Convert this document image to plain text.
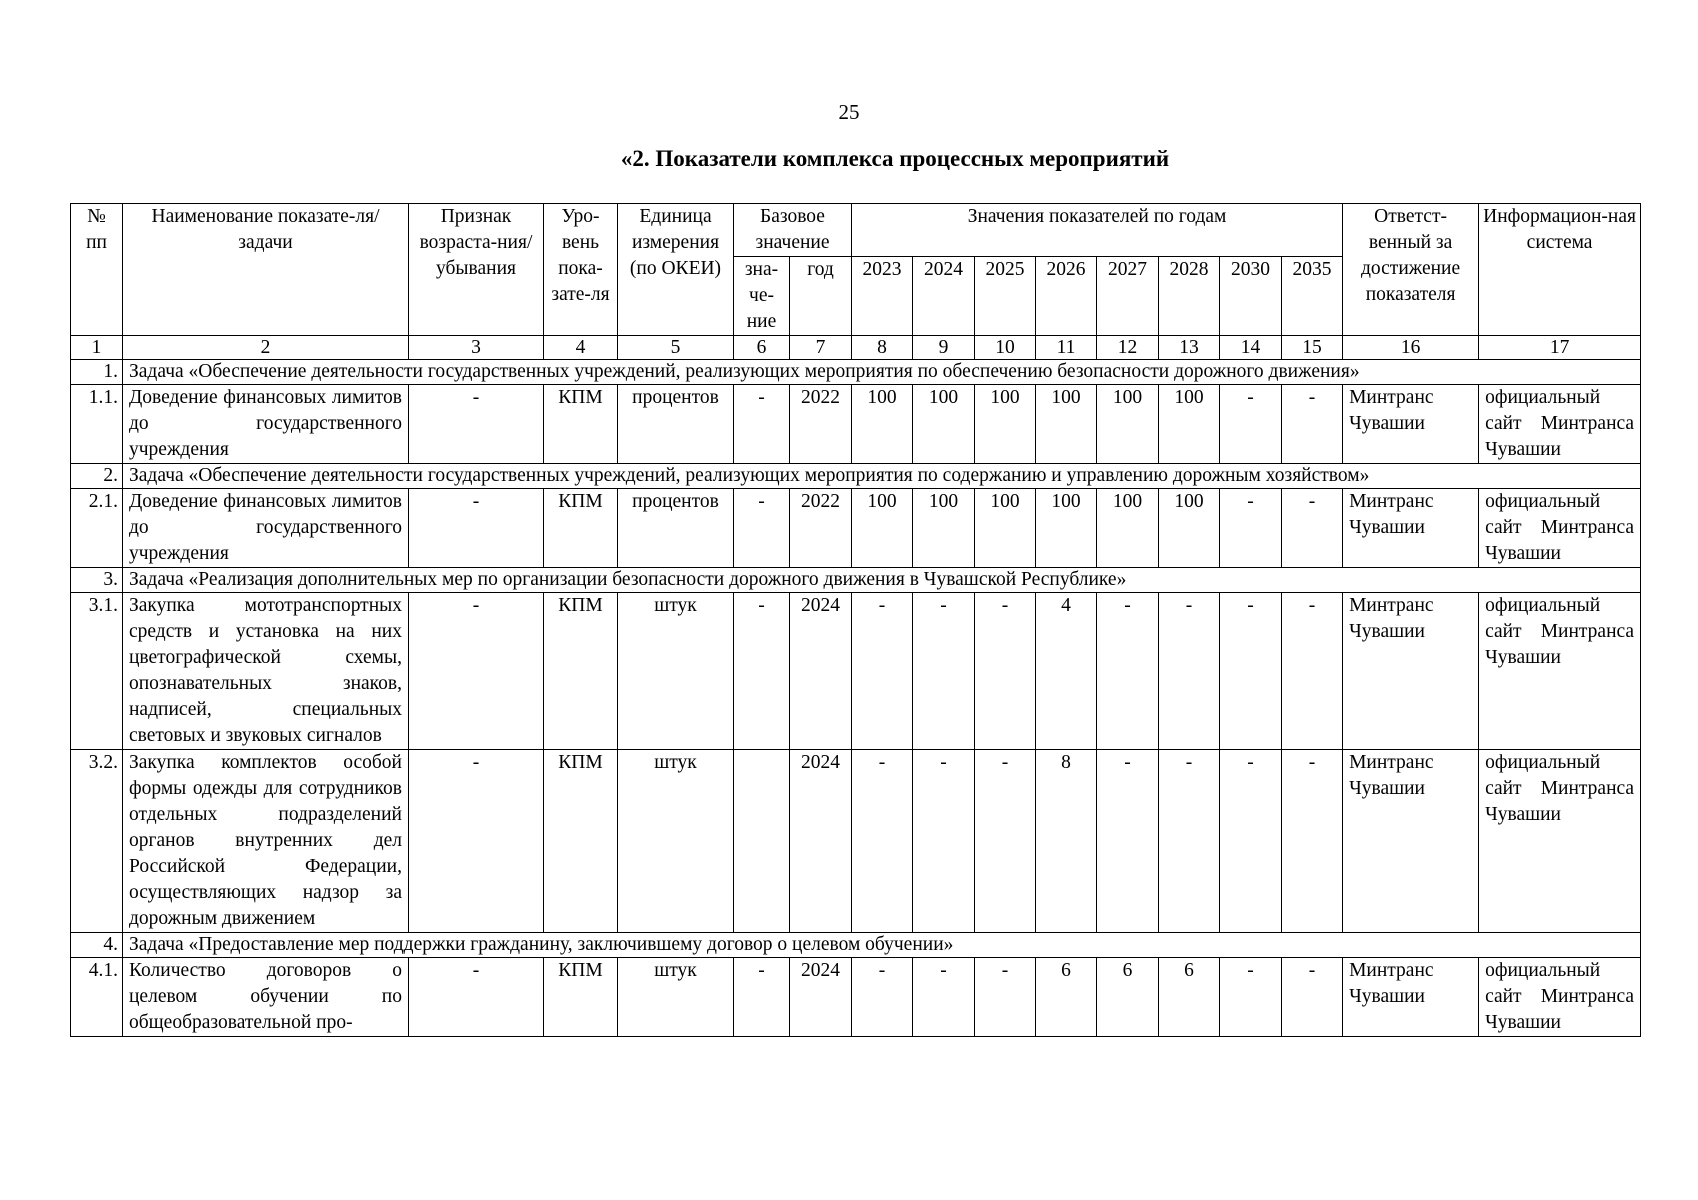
25
«2. Показатели комплекса процессных мероприятий
№ пп	Наименование показате-ля/задачи	Признак возраста-ния/ убывания	Уро-вень пока-зате-ля	Единица измерения (по ОКЕИ)	Базовое значение		Значения показателей по годам								Ответст-венный за достижение показателя	Информацион-ная система
					зна-че-ние	год	2023	2024	2025	2026	2027	2028	2030	2035		
1	2	3	4	5	6	7	8	9	10	11	12	13	14	15	16	17
1.	Задача «Обеспечение деятельности государственных учреждений, реализующих мероприятия по обеспечению безопасности дорожного движения»															
1.1.	Доведение финансовых лимитов до государственного учреждения	-	КПМ	процентов	-	2022	100	100	100	100	100	100	-	-	Минтранс Чувашии	официальный сайт Минтранса Чувашии
2.	Задача «Обеспечение деятельности государственных учреждений, реализующих мероприятия по содержанию и управлению дорожным хозяйством»															
2.1.	Доведение финансовых лимитов до государственного учреждения	-	КПМ	процентов	-	2022	100	100	100	100	100	100	-	-	Минтранс Чувашии	официальный сайт Минтранса Чувашии
3.	Задача «Реализация дополнительных мер по организации безопасности дорожного движения в Чувашской Республике»															
3.1.	Закупка мототранспортных средств и установка на них цветографической схемы, опознавательных знаков, надписей, специальных световых и звуковых сигналов	-	КПМ	штук	-	2024	-	-	-	4	-	-	-	-	Минтранс Чувашии	официальный сайт Минтранса Чувашии
3.2.	Закупка комплектов особой формы одежды для сотрудников отдельных подразделений органов внутренних дел Российской Федерации, осуществляющих надзор за дорожным движением	-	КПМ	штук		2024	-	-	-	8	-	-	-	-	Минтранс Чувашии	официальный сайт Минтранса Чувашии
4.	Задача «Предоставление мер поддержки гражданину, заключившему договор о целевом обучении»															
4.1.	Количество договоров о целевом обучении по общеобразовательной про-	-	КПМ	штук	-	2024	-	-	-	6	6	6	-	-	Минтранс Чувашии	официальный сайт Минтранса Чувашии
